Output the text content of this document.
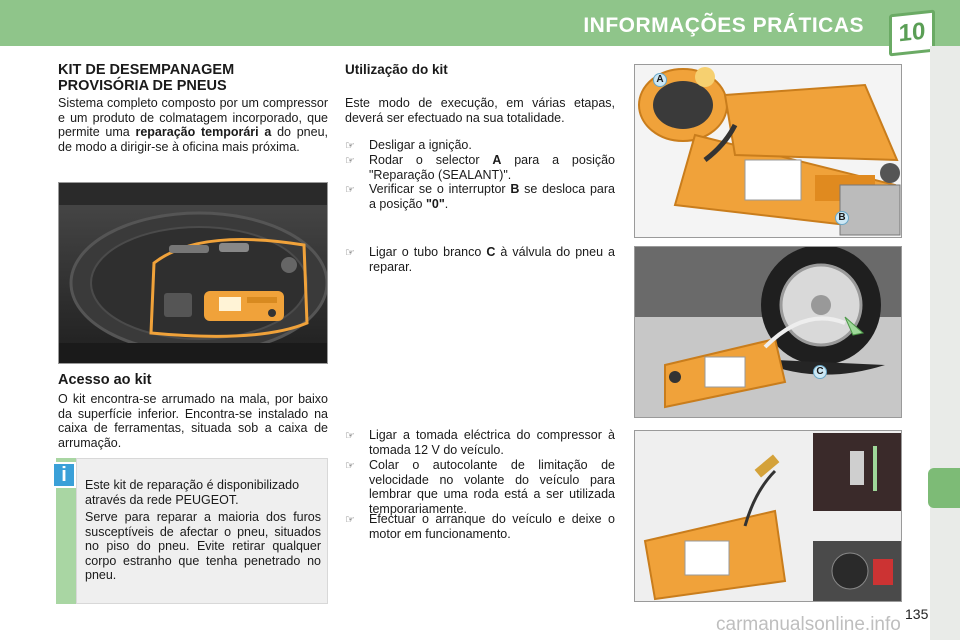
INFORMAÇÕES PRÁTICAS	10
KIT DE DESEMPANAGEM PROVISÓRIA DE PNEUS
Sistema completo composto por um compressor e um produto de colmatagem incorporado, que permite uma reparação temporári a do pneu, de modo a dirigir-se à oficina mais próxima.
Acesso ao kit
O kit encontra-se arrumado na mala, por baixo da superfície inferior. Encontra-se instalado na caixa de ferramentas, situada sob a caixa de arrumação.
i	Este kit de reparação é disponibilizado através da rede PEUGEOT.
Serve para reparar a maioria dos furos susceptíveis de afectar o pneu, situados no piso do pneu. Evite retirar qualquer corpo estranho que tenha penetrado no pneu.
Utilização do kit
Este modo de execução, em várias etapas, deverá ser efectuado na sua totalidade.
☞	Desligar a ignição.
☞	Rodar o selector A para a posição "Reparação (SEALANT)".
☞	Verificar se o interruptor B se desloca para a posição "0".
☞	Ligar o tubo branco C à válvula do pneu a reparar.
☞	Ligar a tomada eléctrica do compressor à tomada 12 V do veículo.
☞	Colar o autocolante de limitação de velocidade no volante do veículo para lembrar que uma roda está a ser utilizada temporariamente.
☞	Efectuar o arranque do veículo e deixe o motor em funcionamento.
A
B
C
135
carmanualsonline.info
